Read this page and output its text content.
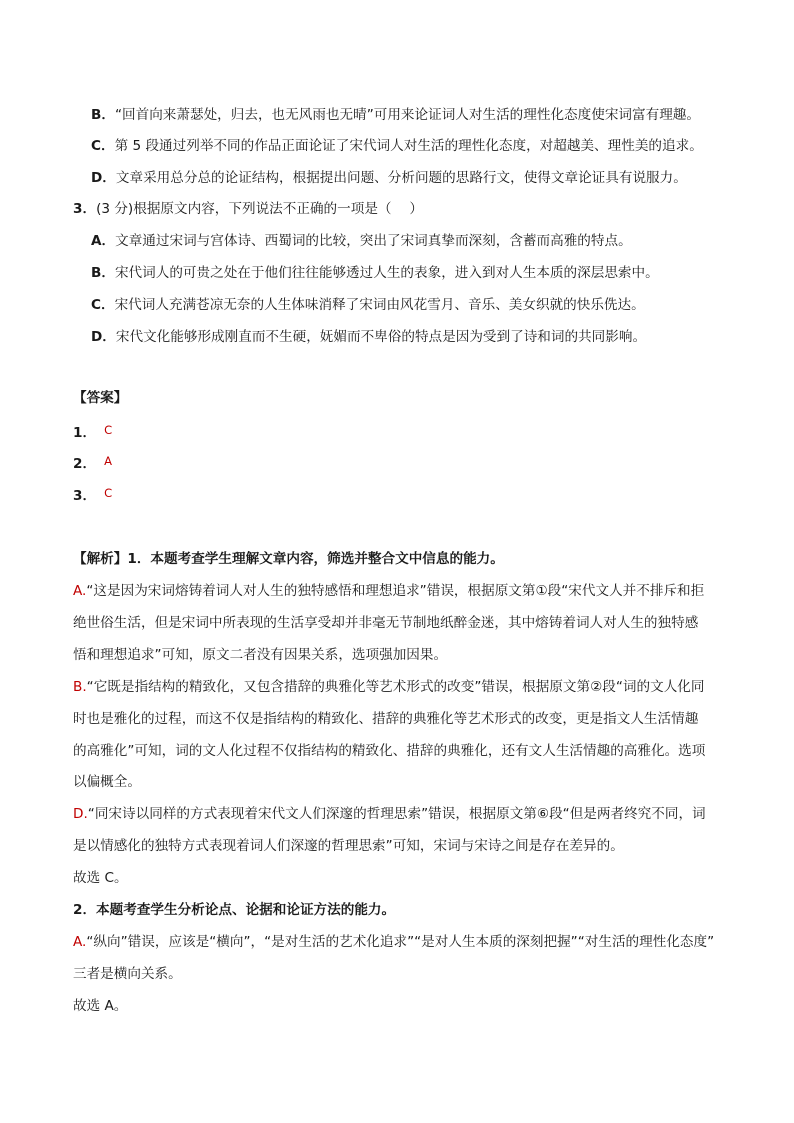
B．“回首向来萧瑟处，归去，也无风雨也无晴”可用来论证词人对生活的理性化态度使宋词富有理趣。
C．第 5 段通过列举不同的作品正面论证了宋代词人对生活的理性化态度，对超越美、理性美的追求。
D．文章采用总分总的论证结构，根据提出问题、分析问题的思路行文，使得文章论证具有说服力。
3．(3 分)根据原文内容，下列说法不正确的一项是（　 ）
A．文章通过宋词与宫体诗、西蜀词的比较，突出了宋词真挚而深刻，含蓄而高雅的特点。
B．宋代词人的可贵之处在于他们往往能够透过人生的表象，进入到对人生本质的深层思索中。
C．宋代词人充满苍凉无奈的人生体味消释了宋词由风花雪月、音乐、美女织就的快乐侁达。
D．宋代文化能够形成刚直而不生硬，妩媚而不卑俗的特点是因为受到了诗和词的共同影响。
【答案】
1． $^C$
2． $^A$
3． $^C$
【解析】1．本题考查学生理解文章内容，筛选并整合文中信息的能力。
A.“这是因为宋词熔铸着词人对人生的独特感悟和理想追求”错误，根据原文第①段“宋代文人并不排斥和拒
绝世俗生活，但是宋词中所表现的生活享受却并非毫无节制地纸醉金迷，其中熔铸着词人对人生的独特感
悟和理想追求”可知，原文二者没有因果关系，选项强加因果。
B.“它既是指结构的精致化，又包含措辞的典雅化等艺术形式的改变”错误，根据原文第②段“词的文人化同
时也是雅化的过程，而这不仅是指结构的精致化、措辞的典雅化等艺术形式的改变，更是指文人生活情趣
的高雅化”可知，词的文人化过程不仅指结构的精致化、措辞的典雅化，还有文人生活情趣的高雅化。选项
以偏概全。
D.“同宋诗以同样的方式表现着宋代文人们深邃的哲理思索”错误，根据原文第⑥段“但是两者终究不同，词
是以情感化的独特方式表现着词人们深邃的哲理思索”可知，宋词与宋诗之间是存在差异的。
故选 C。
2．本题考查学生分析论点、论据和论证方法的能力。
A.“纵向”错误，应该是“横向”，“是对生活的艺术化追求”“是对人生本质的深刻把握”“对生活的理性化态度”
三者是横向关系。
故选 A。
